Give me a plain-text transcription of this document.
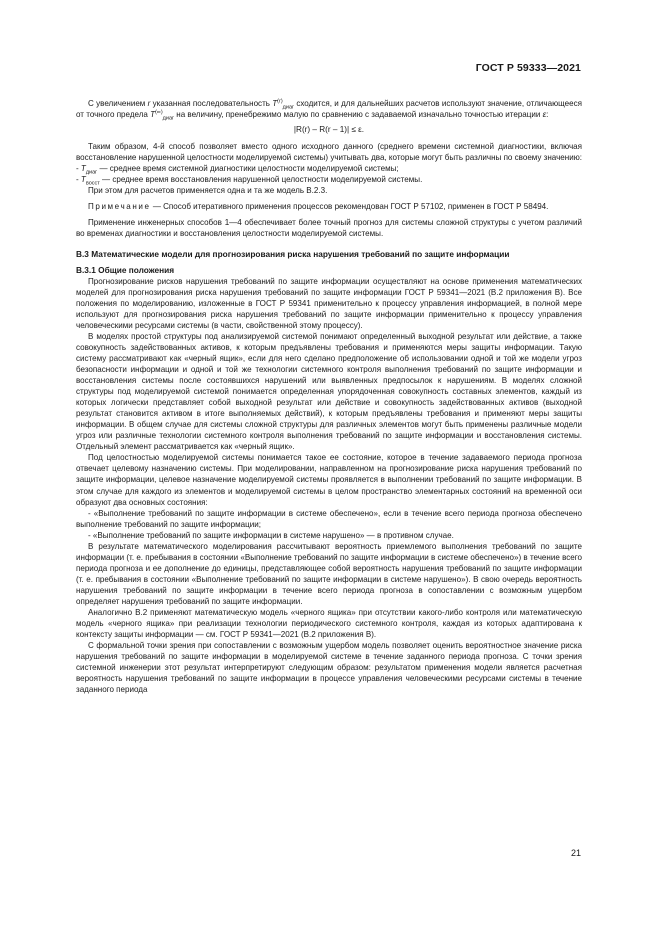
ГОСТ Р 59333—2021

С увеличением r указанная последовательность $T^{(r)}_{диаг}$ сходится, и для дальнейших расчетов используют значение, отличающееся от точного предела $T^{(\infty)}_{диаг}$ на величину, пренебрежимо малую по сравнению с задаваемой изначально точностью итерации ε:

|R(r) – R(r – 1)| ≤ ε.

Таким образом, 4-й способ позволяет вместо одного исходного данного (среднего времени системной диагностики, включая восстановление нарушенной целостности моделируемой системы) учитывать два, которые могут быть различны по своему значению:

- $T_{диаг}$ — среднее время системной диагностики целостности моделируемой системы;
- $T_{восст}$ — среднее время восстановления нарушенной целостности моделируемой системы.

При этом для расчетов применяется одна и та же модель В.2.3.

Примечание — Способ итеративного применения процессов рекомендован ГОСТ Р 57102, применен в ГОСТ Р 58494.

Применение инженерных способов 1—4 обеспечивает более точный прогноз для системы сложной структуры с учетом различий во временах диагностики и восстановления целостности моделируемой системы.

В.3 Математические модели для прогнозирования риска нарушения требований по защите информации

В.3.1 Общие положения

Прогнозирование рисков нарушения требований по защите информации осуществляют на основе применения математических моделей для прогнозирования риска нарушения требований по защите информации ГОСТ Р 59341—2021 (В.2 приложения В). Все положения по моделированию, изложенные в ГОСТ Р 59341 применительно к процессу управления информацией, в полной мере используют для прогнозирования риска нарушения требований по защите информации применительно к процессу управления человеческими ресурсами системы (в части, свойственной этому процессу).

В моделях простой структуры под анализируемой системой понимают определенный выходной результат или действие, а также совокупность задействованных активов, к которым предъявлены требования и применяются меры защиты информации. Такую систему рассматривают как «черный ящик», если для него сделано предположение об использовании одной и той же модели угроз безопасности информации и одной и той же технологии системного контроля выполнения требований по защите информации и восстановления системы после состоявшихся нарушений или выявленных предпосылок к нарушениям. В моделях сложной структуры под моделируемой системой понимается определенная упорядоченная совокупность составных элементов, каждый из которых логически представляет собой выходной результат или действие и совокупность задействованных активов (выходной результат становится активом в итоге выполняемых действий), к которым предъявлены требования и применяют меры защиты информации. В общем случае для системы сложной структуры для различных элементов могут быть применены различные модели угроз или различные технологии системного контроля выполнения требований по защите информации и восстановления системы. Отдельный элемент рассматривается как «черный ящик».

Под целостностью моделируемой системы понимается такое ее состояние, которое в течение задаваемого периода прогноза отвечает целевому назначению системы. При моделировании, направленном на прогнозирование риска нарушения требований по защите информации, целевое назначение моделируемой системы проявляется в выполнении требований по защите информации. В этом случае для каждого из элементов и моделируемой системы в целом пространство элементарных состояний на временной оси образуют два основных состояния:

- «Выполнение требований по защите информации в системе обеспечено», если в течение всего периода прогноза обеспечено выполнение требований по защите информации;

- «Выполнение требований по защите информации в системе нарушено» — в противном случае.

В результате математического моделирования рассчитывают вероятность приемлемого выполнения требований по защите информации (т. е. пребывания в состоянии «Выполнение требований по защите информации в системе обеспечено») в течение всего периода прогноза и ее дополнение до единицы, представляющее собой вероятность нарушения требований по защите информации (т. е. пребывания в состоянии «Выполнение требований по защите информации в системе нарушено»). В свою очередь вероятность нарушения требований по защите информации в течение всего периода прогноза в сопоставлении с возможным ущербом определяет нарушения требований по защите информации.

Аналогично В.2 применяют математическую модель «черного ящика» при отсутствии какого-либо контроля или математическую модель «черного ящика» при реализации технологии периодического системного контроля, каждая из которых адаптирована к контексту защиты информации — см. ГОСТ Р 59341—2021 (В.2 приложения В).

С формальной точки зрения при сопоставлении с возможным ущербом модель позволяет оценить вероятностное значение риска нарушения требований по защите информации в моделируемой системе в течение заданного периода прогноза. С точки зрения системной инженерии этот результат интерпретируют следующим образом: результатом применения модели является расчетная вероятность нарушения требований по защите информации в процессе управления человеческими ресурсами системы в течение заданного периода

21
